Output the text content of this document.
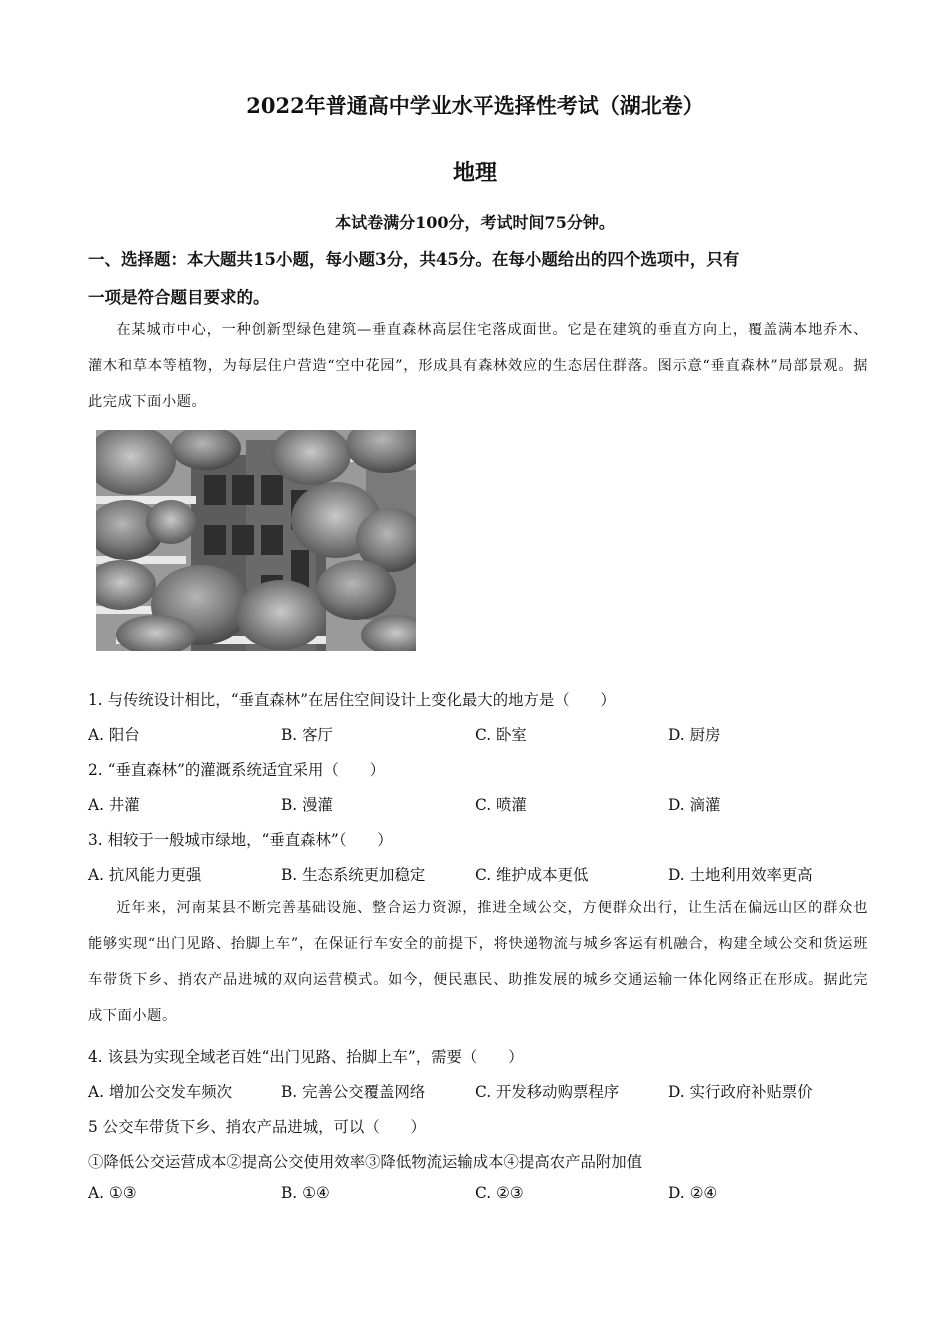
2022年普通高中学业水平选择性考试（湖北卷）
地理
本试卷满分100分，考试时间75分钟。
一、选择题：本大题共15小题，每小题3分，共45分。在每小题给出的四个选项中，只有
一项是符合题目要求的。
在某城市中心，一种创新型绿色建筑—垂直森林高层住宅落成面世。它是在建筑的垂直方向上，覆盖满本地乔木、灌木和草本等植物，为每层住户营造“空中花园”，形成具有森林效应的生态居住群落。图示意“垂直森林”局部景观。据此完成下面小题。
1. 与传统设计相比，“垂直森林”在居住空间设计上变化最大的地方是（　　）
A. 阳台	B. 客厅	C. 卧室	D. 厨房
2. “垂直森林”的灌溉系统适宜采用（　　）
A. 井灌	B. 漫灌	C. 喷灌	D. 滴灌
3. 相较于一般城市绿地，“垂直森林”（　　）
A. 抗风能力更强	B. 生态系统更加稳定	C. 维护成本更低	D. 土地利用效率更高
近年来，河南某县不断完善基础设施、整合运力资源，推进全域公交，方便群众出行，让生活在偏远山区的群众也能够实现“出门见路、抬脚上车”，在保证行车安全的前提下，将快递物流与城乡客运有机融合，构建全域公交和货运班车带货下乡、捎农产品进城的双向运营模式。如今，便民惠民、助推发展的城乡交通运输一体化网络正在形成。据此完成下面小题。
4. 该县为实现全域老百姓“出门见路、抬脚上车”，需要（　　）
A. 增加公交发车频次	B. 完善公交覆盖网络	C. 开发移动购票程序	D. 实行政府补贴票价
5 公交车带货下乡、捎农产品进城，可以（　　）
①降低公交运营成本②提高公交使用效率③降低物流运输成本④提高农产品附加值
A. ①③	B. ①④	C. ②③	D. ②④
